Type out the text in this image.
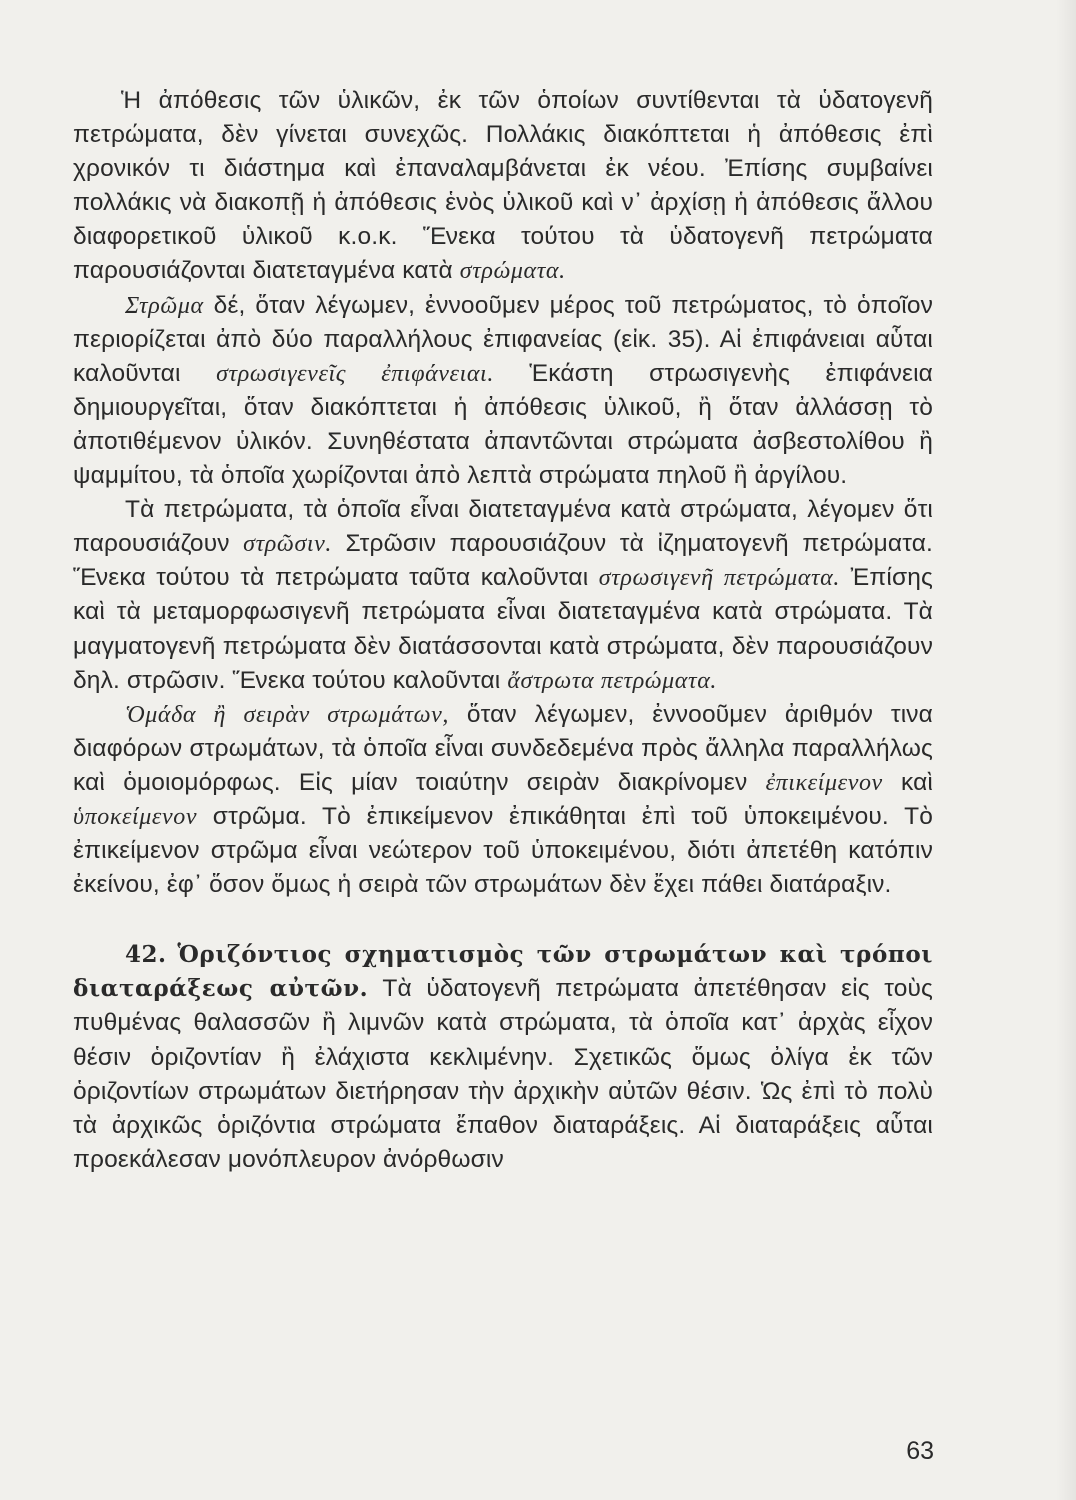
Ἡ ἀπόθεσις τῶν ὑλικῶν, ἐκ τῶν ὁποίων συντίθενται τὰ ὑδατογενῆ πετρώματα, δὲν γίνεται συνεχῶς. Πολλάκις διακόπτεται ἡ ἀπόθεσις ἐπὶ χρονικόν τι διάστημα καὶ ἐπαναλαμβάνεται ἐκ νέου. Ἐπίσης συμβαίνει πολλάκις νὰ διακοπῇ ἡ ἀπόθεσις ἑνὸς ὑλικοῦ καὶ ν᾽ ἀρχίσῃ ἡ ἀπόθεσις ἄλλου διαφορετικοῦ ὑλικοῦ κ.ο.κ. Ἕνεκα τούτου τὰ ὑδατογενῆ πετρώματα παρουσιάζονται διατεταγμένα κατὰ στρώματα.

Στρῶμα δέ, ὅταν λέγωμεν, ἐννοοῦμεν μέρος τοῦ πετρώματος, τὸ ὁποῖον περιορίζεται ἀπὸ δύο παραλλήλους ἐπιφανείας (εἰκ. 35). Αἱ ἐπιφάνειαι αὗται καλοῦνται στρωσιγενεῖς ἐπιφάνειαι. Ἑκάστη στρωσιγενὴς ἐπιφάνεια δημιουργεῖται, ὅταν διακόπτεται ἡ ἀπόθεσις ὑλικοῦ, ἢ ὅταν ἀλλάσσῃ τὸ ἀποτιθέμενον ὑλικόν. Συνηθέστατα ἀπαντῶνται στρώματα ἀσβεστολίθου ἢ ψαμμίτου, τὰ ὁποῖα χωρίζονται ἀπὸ λεπτὰ στρώματα πηλοῦ ἢ ἀργίλου.

Τὰ πετρώματα, τὰ ὁποῖα εἶναι διατεταγμένα κατὰ στρώματα, λέγομεν ὅτι παρουσιάζουν στρῶσιν. Στρῶσιν παρουσιάζουν τὰ ἰζηματογενῆ πετρώματα. Ἕνεκα τούτου τὰ πετρώματα ταῦτα καλοῦνται στρωσιγενῆ πετρώματα. Ἐπίσης καὶ τὰ μεταμορφωσιγενῆ πετρώματα εἶναι διατεταγμένα κατὰ στρώματα. Τὰ μαγματογενῆ πετρώματα δὲν διατάσσονται κατὰ στρώματα, δὲν παρουσιάζουν δηλ. στρῶσιν. Ἕνεκα τούτου καλοῦνται ἄστρωτα πετρώματα.

Ὁμάδα ἢ σειρὰν στρωμάτων, ὅταν λέγωμεν, ἐννοοῦμεν ἀριθμόν τινα διαφόρων στρωμάτων, τὰ ὁποῖα εἶναι συνδεδεμένα πρὸς ἄλληλα παραλλήλως καὶ ὁμοιομόρφως. Εἰς μίαν τοιαύτην σειρὰν διακρίνομεν ἐπικείμενον καὶ ὑποκείμενον στρῶμα. Τὸ ἐπικείμενον ἐπικάθηται ἐπὶ τοῦ ὑποκειμένου. Τὸ ἐπικείμενον στρῶμα εἶναι νεώτερον τοῦ ὑποκειμένου, διότι ἀπετέθη κατόπιν ἐκείνου, ἐφ᾽ ὅσον ὅμως ἡ σειρὰ τῶν στρωμάτων δὲν ἔχει πάθει διατάραξιν.

42. Ὁριζόντιος σχηματισμὸς τῶν στρωμάτων καὶ τρόποι διαταράξεως αὐτῶν. Τὰ ὑδατογενῆ πετρώματα ἀπετέθησαν εἰς τοὺς πυθμένας θαλασσῶν ἢ λιμνῶν κατὰ στρώματα, τὰ ὁποῖα κατ᾽ ἀρχὰς εἶχον θέσιν ὁριζοντίαν ἢ ἐλάχιστα κεκλιμένην. Σχετικῶς ὅμως ὀλίγα ἐκ τῶν ὁριζοντίων στρωμάτων διετήρησαν τὴν ἀρχικὴν αὐτῶν θέσιν. Ὡς ἐπὶ τὸ πολὺ τὰ ἀρχικῶς ὁριζόντια στρώματα ἔπαθον διαταράξεις. Αἱ διαταράξεις αὗται προεκάλεσαν μονόπλευρον ἀνόρθωσιν

63
